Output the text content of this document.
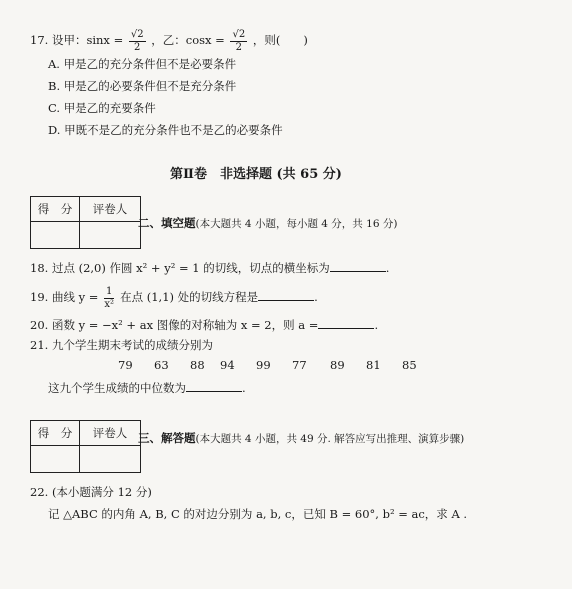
17. 设甲：$\sin x = \frac{√2}{2}$ ，乙：$\cos x = \frac{√2}{2}$ ，则(　　)
A. 甲是乙的充分条件但不是必要条件
B. 甲是乙的必要条件但不是充分条件
C. 甲是乙的充要条件
D. 甲既不是乙的充分条件也不是乙的必要条件
第Ⅱ卷　非选择题 (共 65 分)
得　分	评卷人

二、填空题(本大题共 4 小题，每小题 4 分，共 16 分)
18. 过点 (2,0) 作圆 x² + y² = 1 的切线，切点的横坐标为	.
19. 曲线 $y = \frac{1}{\text{x²}}$ 在点 (1,1) 处的切线方程是	.
20. 函数 y = −x² + ax 图像的对称轴为 x = 2，则 a =	.
21. 九个学生期末考试的成绩分别为
79 63 88 94 99 77 89 81 85
这九个学生成绩的中位数为	.
得　分	评卷人
	三、解答题(本大题共 4 小题，共 49 分. 解答应写出推理、演算步骤)
22. (本小题满分 12 分)
记 △ABC 的内角 A, B, C 的对边分别为 a, b, c，已知 B = 60°, b² = ac，求 A .
